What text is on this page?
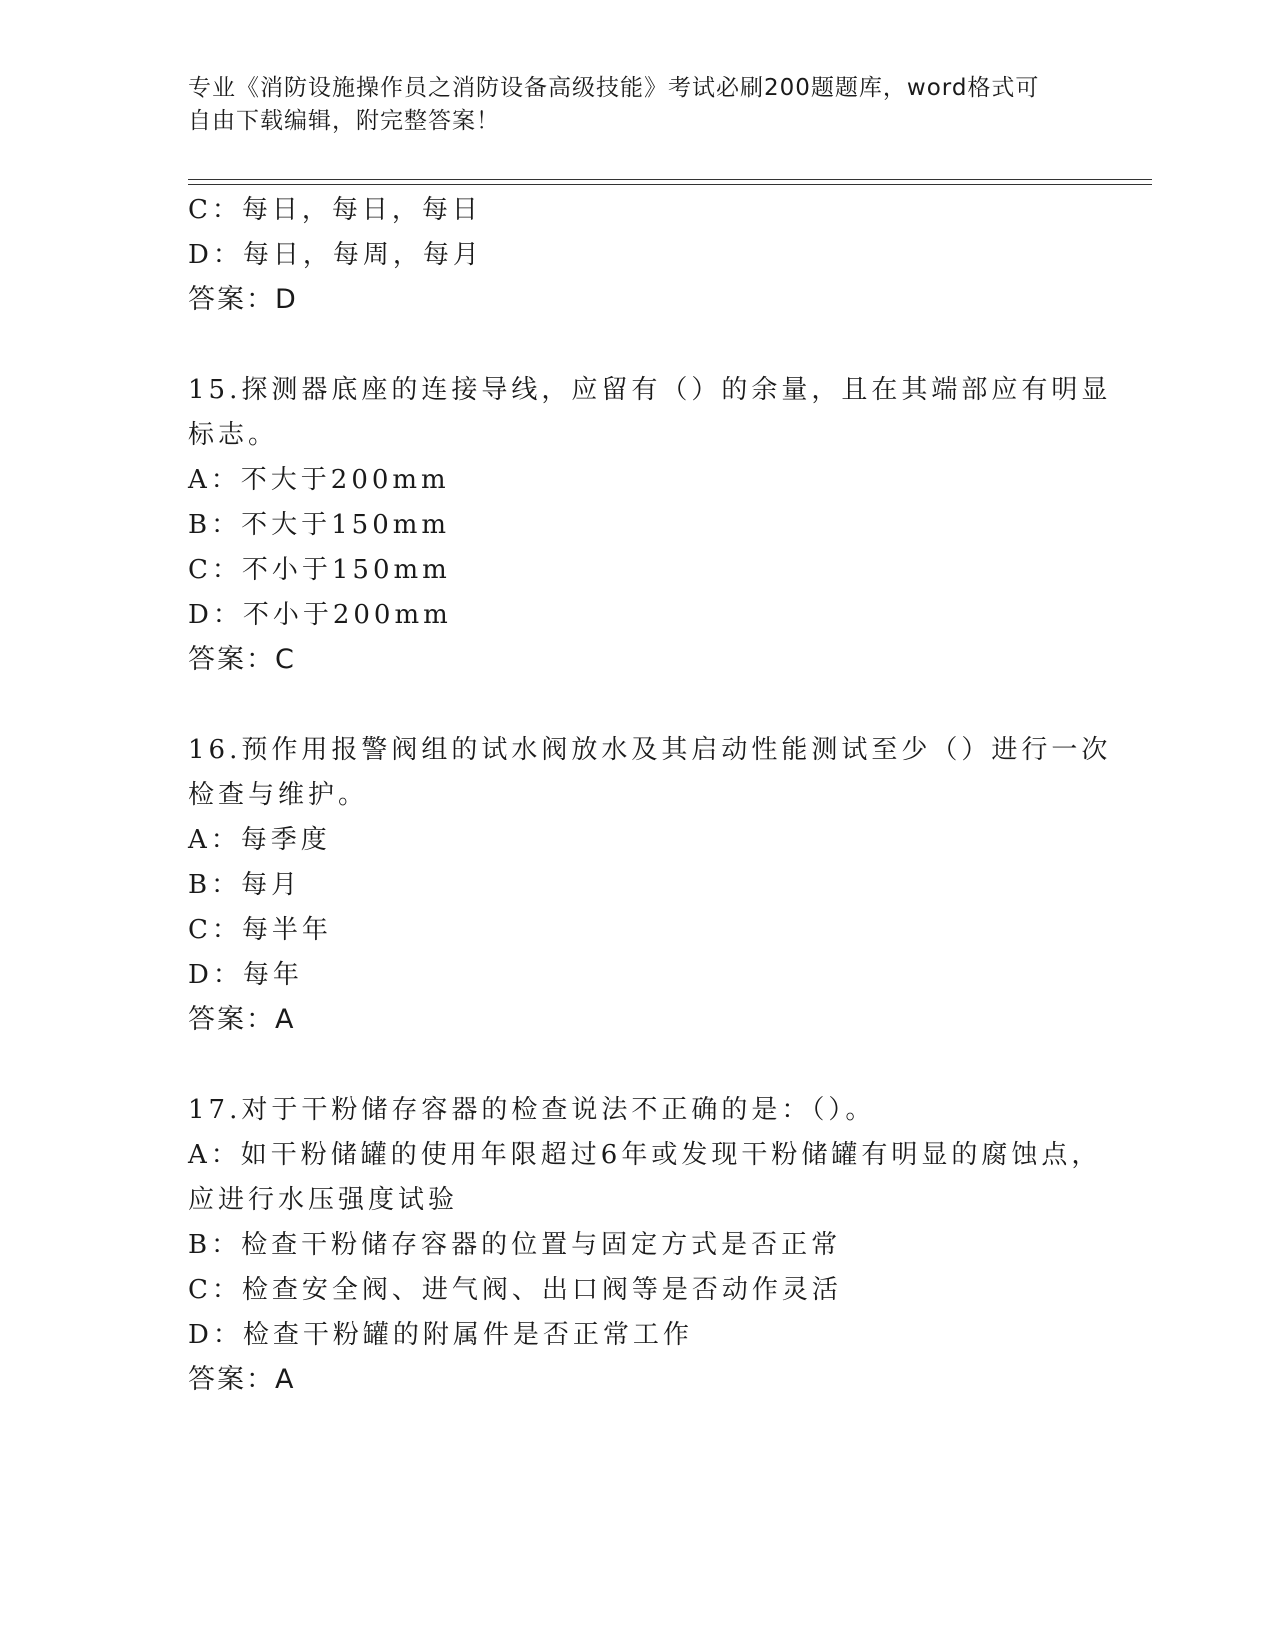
专业《消防设施操作员之消防设备高级技能》考试必刷200题题库，word格式可
自由下载编辑，附完整答案！
C：每日，每日，每日
D：每日，每周，每月
答案：D
15.探测器底座的连接导线，应留有（）的余量，且在其端部应有明显
标志。
A：不大于200mm
B：不大于150mm
C：不小于150mm
D：不小于200mm
答案：C
16.预作用报警阀组的试水阀放水及其启动性能测试至少（）进行一次
检查与维护。
A：每季度
B：每月
C：每半年
D：每年
答案：A
17.对于干粉储存容器的检查说法不正确的是：（）。
A：如干粉储罐的使用年限超过6年或发现干粉储罐有明显的腐蚀点，
应进行水压强度试验
B：检查干粉储存容器的位置与固定方式是否正常
C：检查安全阀、进气阀、出口阀等是否动作灵活
D：检查干粉罐的附属件是否正常工作
答案：A
